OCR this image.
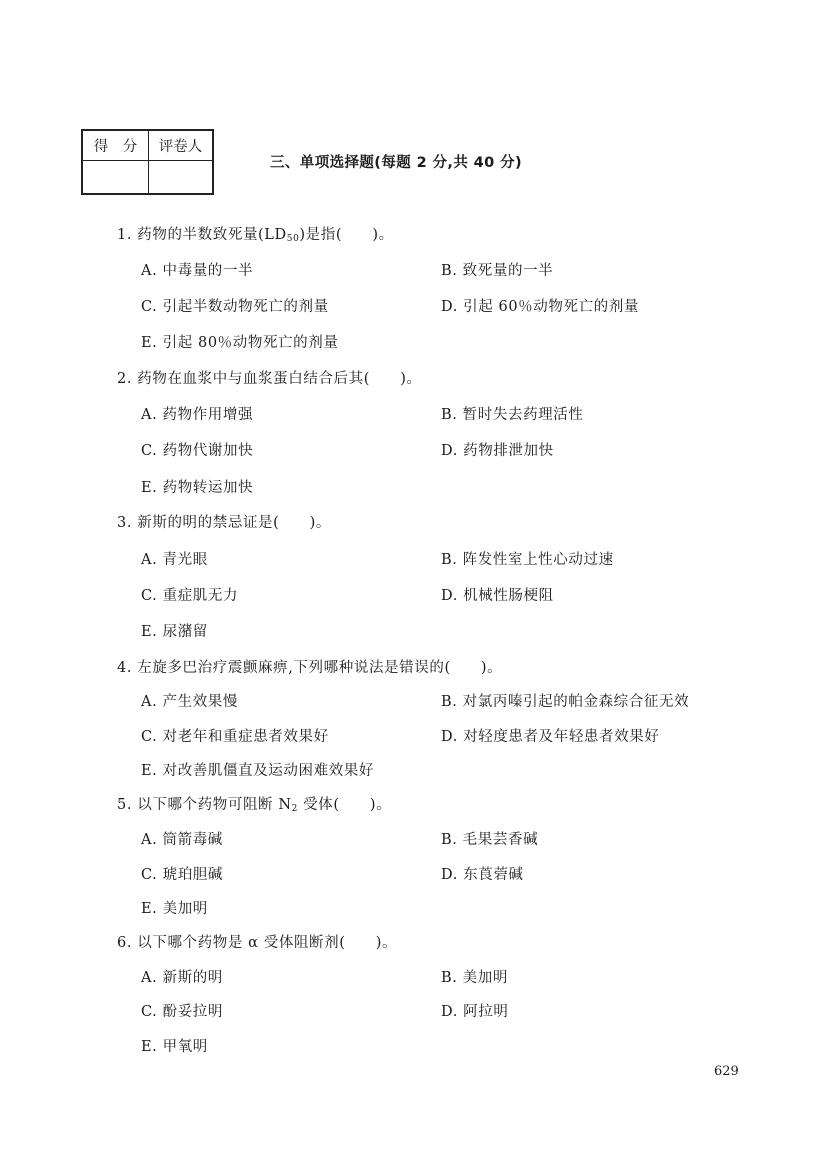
得 分	评卷人
三、单项选择题(每题 2 分,共 40 分)
1. 药物的半数致死量$(LD_{50})$是指(　　)。
A. 中毒量的一半	B. 致死量的一半
C. 引起半数动物死亡的剂量	D. 引起 60％动物死亡的剂量
E. 引起 80％动物死亡的剂量
2. 药物在血浆中与血浆蛋白结合后其(　　)。
A. 药物作用增强	B. 暂时失去药理活性
C. 药物代谢加快	D. 药物排泄加快
E. 药物转运加快
3. 新斯的明的禁忌证是(　　)。
A. 青光眼	B. 阵发性室上性心动过速
C. 重症肌无力	D. 机械性肠梗阻
E. 尿潴留
4. 左旋多巴治疗震颤麻痹,下列哪种说法是错误的(　　)。
A. 产生效果慢	B. 对氯丙嗪引起的帕金森综合征无效
C. 对老年和重症患者效果好	D. 对轻度患者及年轻患者效果好
E. 对改善肌僵直及运动困难效果好
5. 以下哪个药物可阻断 $N_2$ 受体(　　)。
A. 筒箭毒碱	B. 毛果芸香碱
C. 琥珀胆碱	D. 东莨菪碱
E. 美加明
6. 以下哪个药物是 α 受体阻断剂(　　)。
A. 新斯的明	B. 美加明
C. 酚妥拉明	D. 阿拉明
E. 甲氧明
629
